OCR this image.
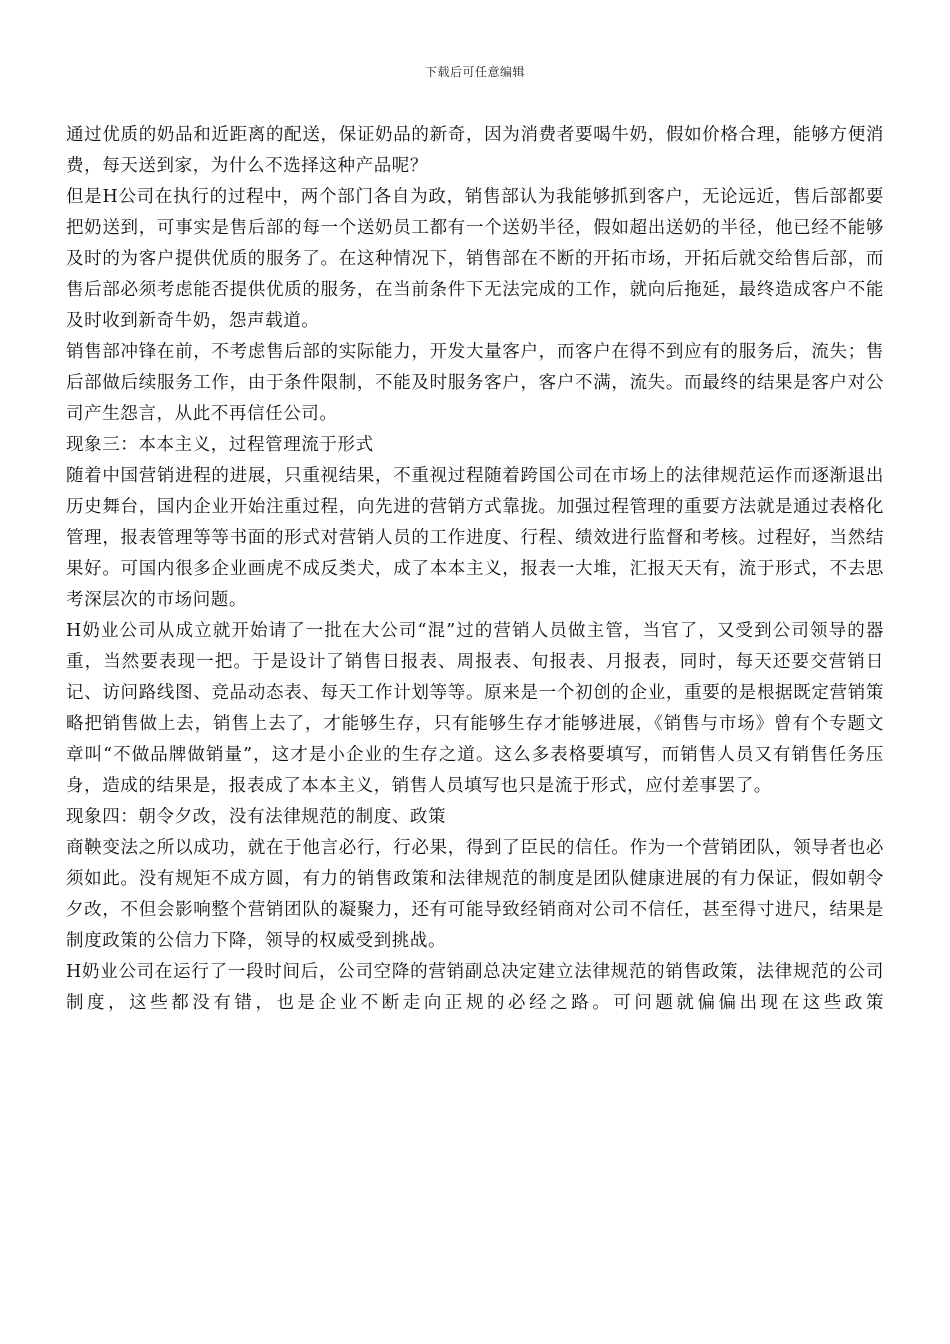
下载后可任意编辑

通过优质的奶品和近距离的配送，保证奶品的新奇，因为消费者要喝牛奶，假如价格合理，能够方便消费，每天送到家，为什么不选择这种产品呢？

但是H公司在执行的过程中，两个部门各自为政，销售部认为我能够抓到客户，无论远近，售后部都要把奶送到，可事实是售后部的每一个送奶员工都有一个送奶半径，假如超出送奶的半径，他已经不能够及时的为客户提供优质的服务了。在这种情况下，销售部在不断的开拓市场，开拓后就交给售后部，而售后部必须考虑能否提供优质的服务，在当前条件下无法完成的工作，就向后拖延，最终造成客户不能及时收到新奇牛奶，怨声载道。

销售部冲锋在前，不考虑售后部的实际能力，开发大量客户，而客户在得不到应有的服务后，流失；售后部做后续服务工作，由于条件限制，不能及时服务客户，客户不满，流失。而最终的结果是客户对公司产生怨言，从此不再信任公司。

现象三：本本主义，过程管理流于形式

随着中国营销进程的进展，只重视结果，不重视过程随着跨国公司在市场上的法律规范运作而逐渐退出历史舞台，国内企业开始注重过程，向先进的营销方式靠拢。加强过程管理的重要方法就是通过表格化管理，报表管理等等书面的形式对营销人员的工作进度、行程、绩效进行监督和考核。过程好，当然结果好。可国内很多企业画虎不成反类犬，成了本本主义，报表一大堆，汇报天天有，流于形式，不去思考深层次的市场问题。

H奶业公司从成立就开始请了一批在大公司“混”过的营销人员做主管，当官了，又受到公司领导的器重，当然要表现一把。于是设计了销售日报表、周报表、旬报表、月报表，同时，每天还要交营销日记、访问路线图、竞品动态表、每天工作计划等等。原来是一个初创的企业，重要的是根据既定营销策略把销售做上去，销售上去了，才能够生存，只有能够生存才能够进展，《销售与市场》曾有个专题文章叫“不做品牌做销量”，这才是小企业的生存之道。这么多表格要填写，而销售人员又有销售任务压身，造成的结果是，报表成了本本主义，销售人员填写也只是流于形式，应付差事罢了。

现象四：朝令夕改，没有法律规范的制度、政策

商鞅变法之所以成功，就在于他言必行，行必果，得到了臣民的信任。作为一个营销团队，领导者也必须如此。没有规矩不成方圆，有力的销售政策和法律规范的制度是团队健康进展的有力保证，假如朝令夕改，不但会影响整个营销团队的凝聚力，还有可能导致经销商对公司不信任，甚至得寸进尺，结果是制度政策的公信力下降，领导的权威受到挑战。

H奶业公司在运行了一段时间后，公司空降的营销副总决定建立法律规范的销售政策，法律规范的公司制度，这些都没有错，也是企业不断走向正规的必经之路。可问题就偏偏出现在这些政策
